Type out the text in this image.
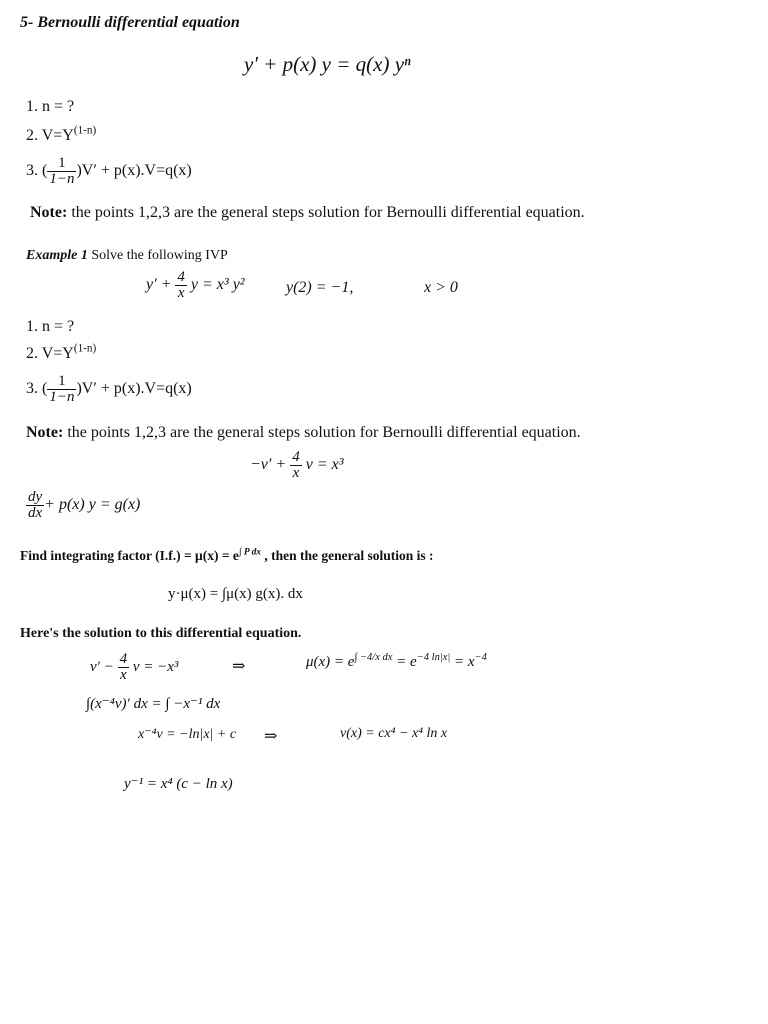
5- Bernoulli differential equation
y′ + p(x) y = q(x) yⁿ
1. n = ?
2. $V=Y^{(1-n)}$
3. ( $\frac{1}{1-n} )V' + p(x).V=q(x)$
Note: the points 1,2,3 are the general steps solution for Bernoulli differential equation.
Example 1 Solve the following IVP
$y' + \frac{4}{x}$ y = x³ y²	y(2) = −1,	x > 0
1. n = ?
2. $V=Y^{(1-n)}$
3. ( $\frac{1}{1-n} )V' + p(x).V=q(x)$
Note: the points 1,2,3 are the general steps solution for Bernoulli differential equation.
$-v' + \frac{4}{x}$ v = x³
$\frac{dy}{dx} + p(x) y = g(x)$
Find integrating factor $(I.f.) = \mu(x) = e^{\int P dx}$ , then the general solution is :
y·μ(x) = ∫μ(x) g(x). dx
Here's the solution to this differential equation.
$v' - \frac{4}{x}$ v = −x³	⇒	$\mu(x) = e^{\int -4/x dx} = e^{-4 ln|x|} = x^{-4}$
∫(x⁻⁴v)′ dx = ∫ −x⁻¹ dx
x⁻⁴v = −ln|x| + c ⇒	v(x) = cx⁴ − x⁴ ln x
y⁻¹ = x⁴ (c − ln x)
